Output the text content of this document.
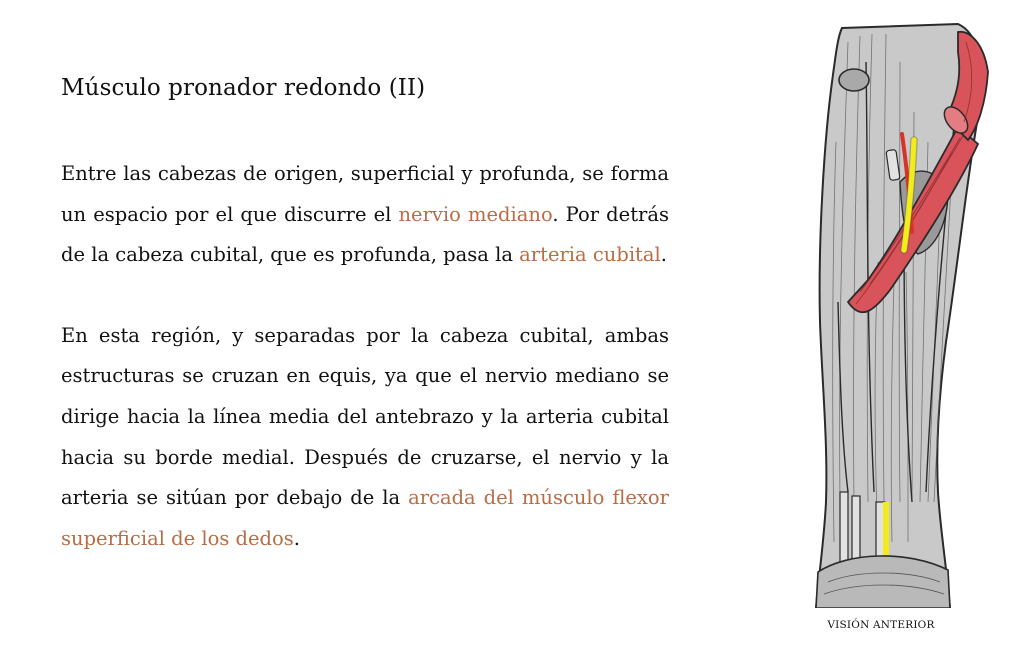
Músculo pronador redondo (II)

Entre las cabezas de origen, superficial y profunda, se forma un espacio por el que discurre el nervio mediano. Por detrás de la cabeza cubital, que es profunda, pasa la arteria cubital.

En esta región, y separadas por la cabeza cubital, ambas estructuras se cruzan en equis, ya que el nervio mediano se dirige hacia la línea media del antebrazo y la arteria cubital hacia su borde medial. Después de cruzarse, el nervio y la arteria se sitúan por debajo de la arcada del músculo flexor superficial de los dedos.

VISIÓN ANTERIOR
